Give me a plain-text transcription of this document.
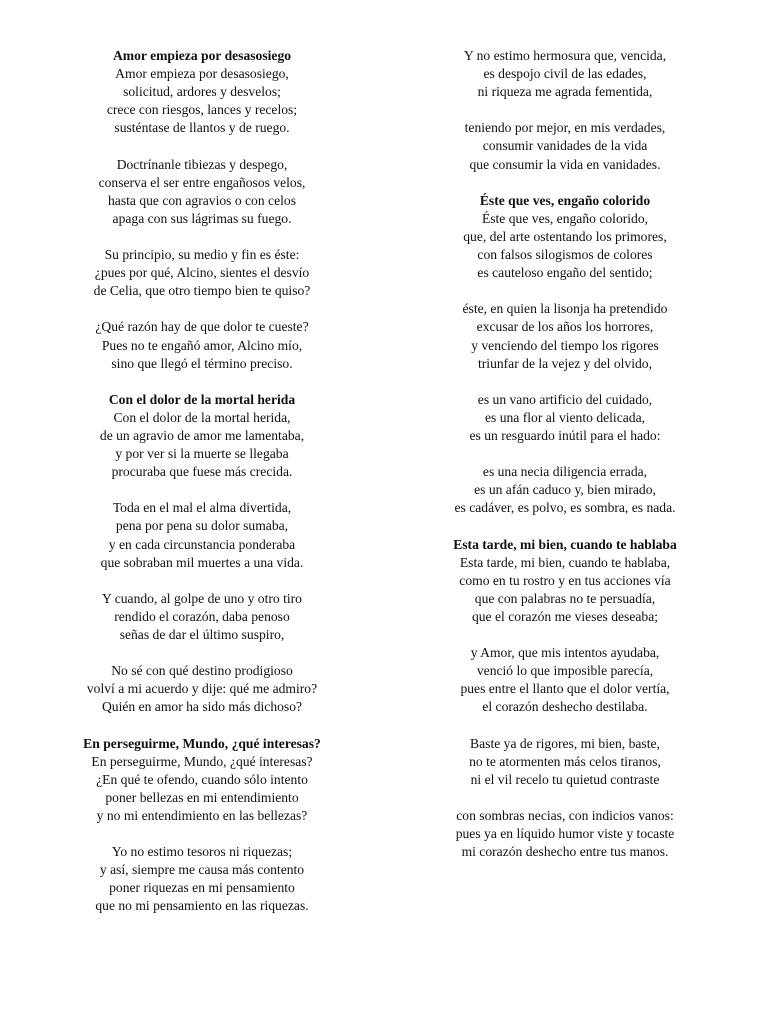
Amor empieza por desasosiego
Amor empieza por desasosiego,
solicitud, ardores y desvelos;
crece con riesgos, lances y recelos;
susténtase de llantos y de ruego.
Doctrínanle tibiezas y despego,
conserva el ser entre engañosos velos,
hasta que con agravios o con celos
apaga con sus lágrimas su fuego.
Su principio, su medio y fin es éste:
¿pues por qué, Alcino, sientes el desvío
de Celia, que otro tiempo bien te quiso?
¿Qué razón hay de que dolor te cueste?
Pues no te engañó amor, Alcino mío,
sino que llegó el término preciso.
Con el dolor de la mortal herida
Con el dolor de la mortal herida,
de un agravio de amor me lamentaba,
y por ver si la muerte se llegaba
procuraba que fuese más crecida.
Toda en el mal el alma divertida,
pena por pena su dolor sumaba,
y en cada circunstancia ponderaba
que sobraban mil muertes a una vida.
Y cuando, al golpe de uno y otro tiro
rendido el corazón, daba penoso
señas de dar el último suspiro,
No sé con qué destino prodigioso
volví a mi acuerdo y dije: qué me admiro?
Quién en amor ha sido más dichoso?
En perseguirme, Mundo, ¿qué interesas?
En perseguirme, Mundo, ¿qué interesas?
¿En qué te ofendo, cuando sólo intento
poner bellezas en mi entendimiento
y no mi entendimiento en las bellezas?
Yo no estimo tesoros ni riquezas;
y así, siempre me causa más contento
poner riquezas en mi pensamiento
que no mi pensamiento en las riquezas.
Y no estimo hermosura que, vencida,
es despojo civil de las edades,
ni riqueza me agrada fementida,
teniendo por mejor, en mis verdades,
consumir vanidades de la vida
que consumir la vida en vanidades.
Éste que ves, engaño colorido
Éste que ves, engaño colorido,
que, del arte ostentando los primores,
con falsos silogismos de colores
es cauteloso engaño del sentido;
éste, en quien la lisonja ha pretendido
excusar de los años los horrores,
y venciendo del tiempo los rigores
triunfar de la vejez y del olvido,
es un vano artificio del cuidado,
es una flor al viento delicada,
es un resguardo inútil para el hado:
es una necia diligencia errada,
es un afán caduco y, bien mirado,
es cadáver, es polvo, es sombra, es nada.
Esta tarde, mi bien, cuando te hablaba
Esta tarde, mi bien, cuando te hablaba,
como en tu rostro y en tus acciones vía
que con palabras no te persuadía,
que el corazón me vieses deseaba;
y Amor, que mis intentos ayudaba,
venció lo que imposible parecía,
pues entre el llanto que el dolor vertía,
el corazón deshecho destilaba.
Baste ya de rigores, mi bien, baste,
no te atormenten más celos tiranos,
ni el vil recelo tu quietud contraste
con sombras necias, con indicios vanos:
pues ya en líquido humor viste y tocaste
mi corazón deshecho entre tus manos.
